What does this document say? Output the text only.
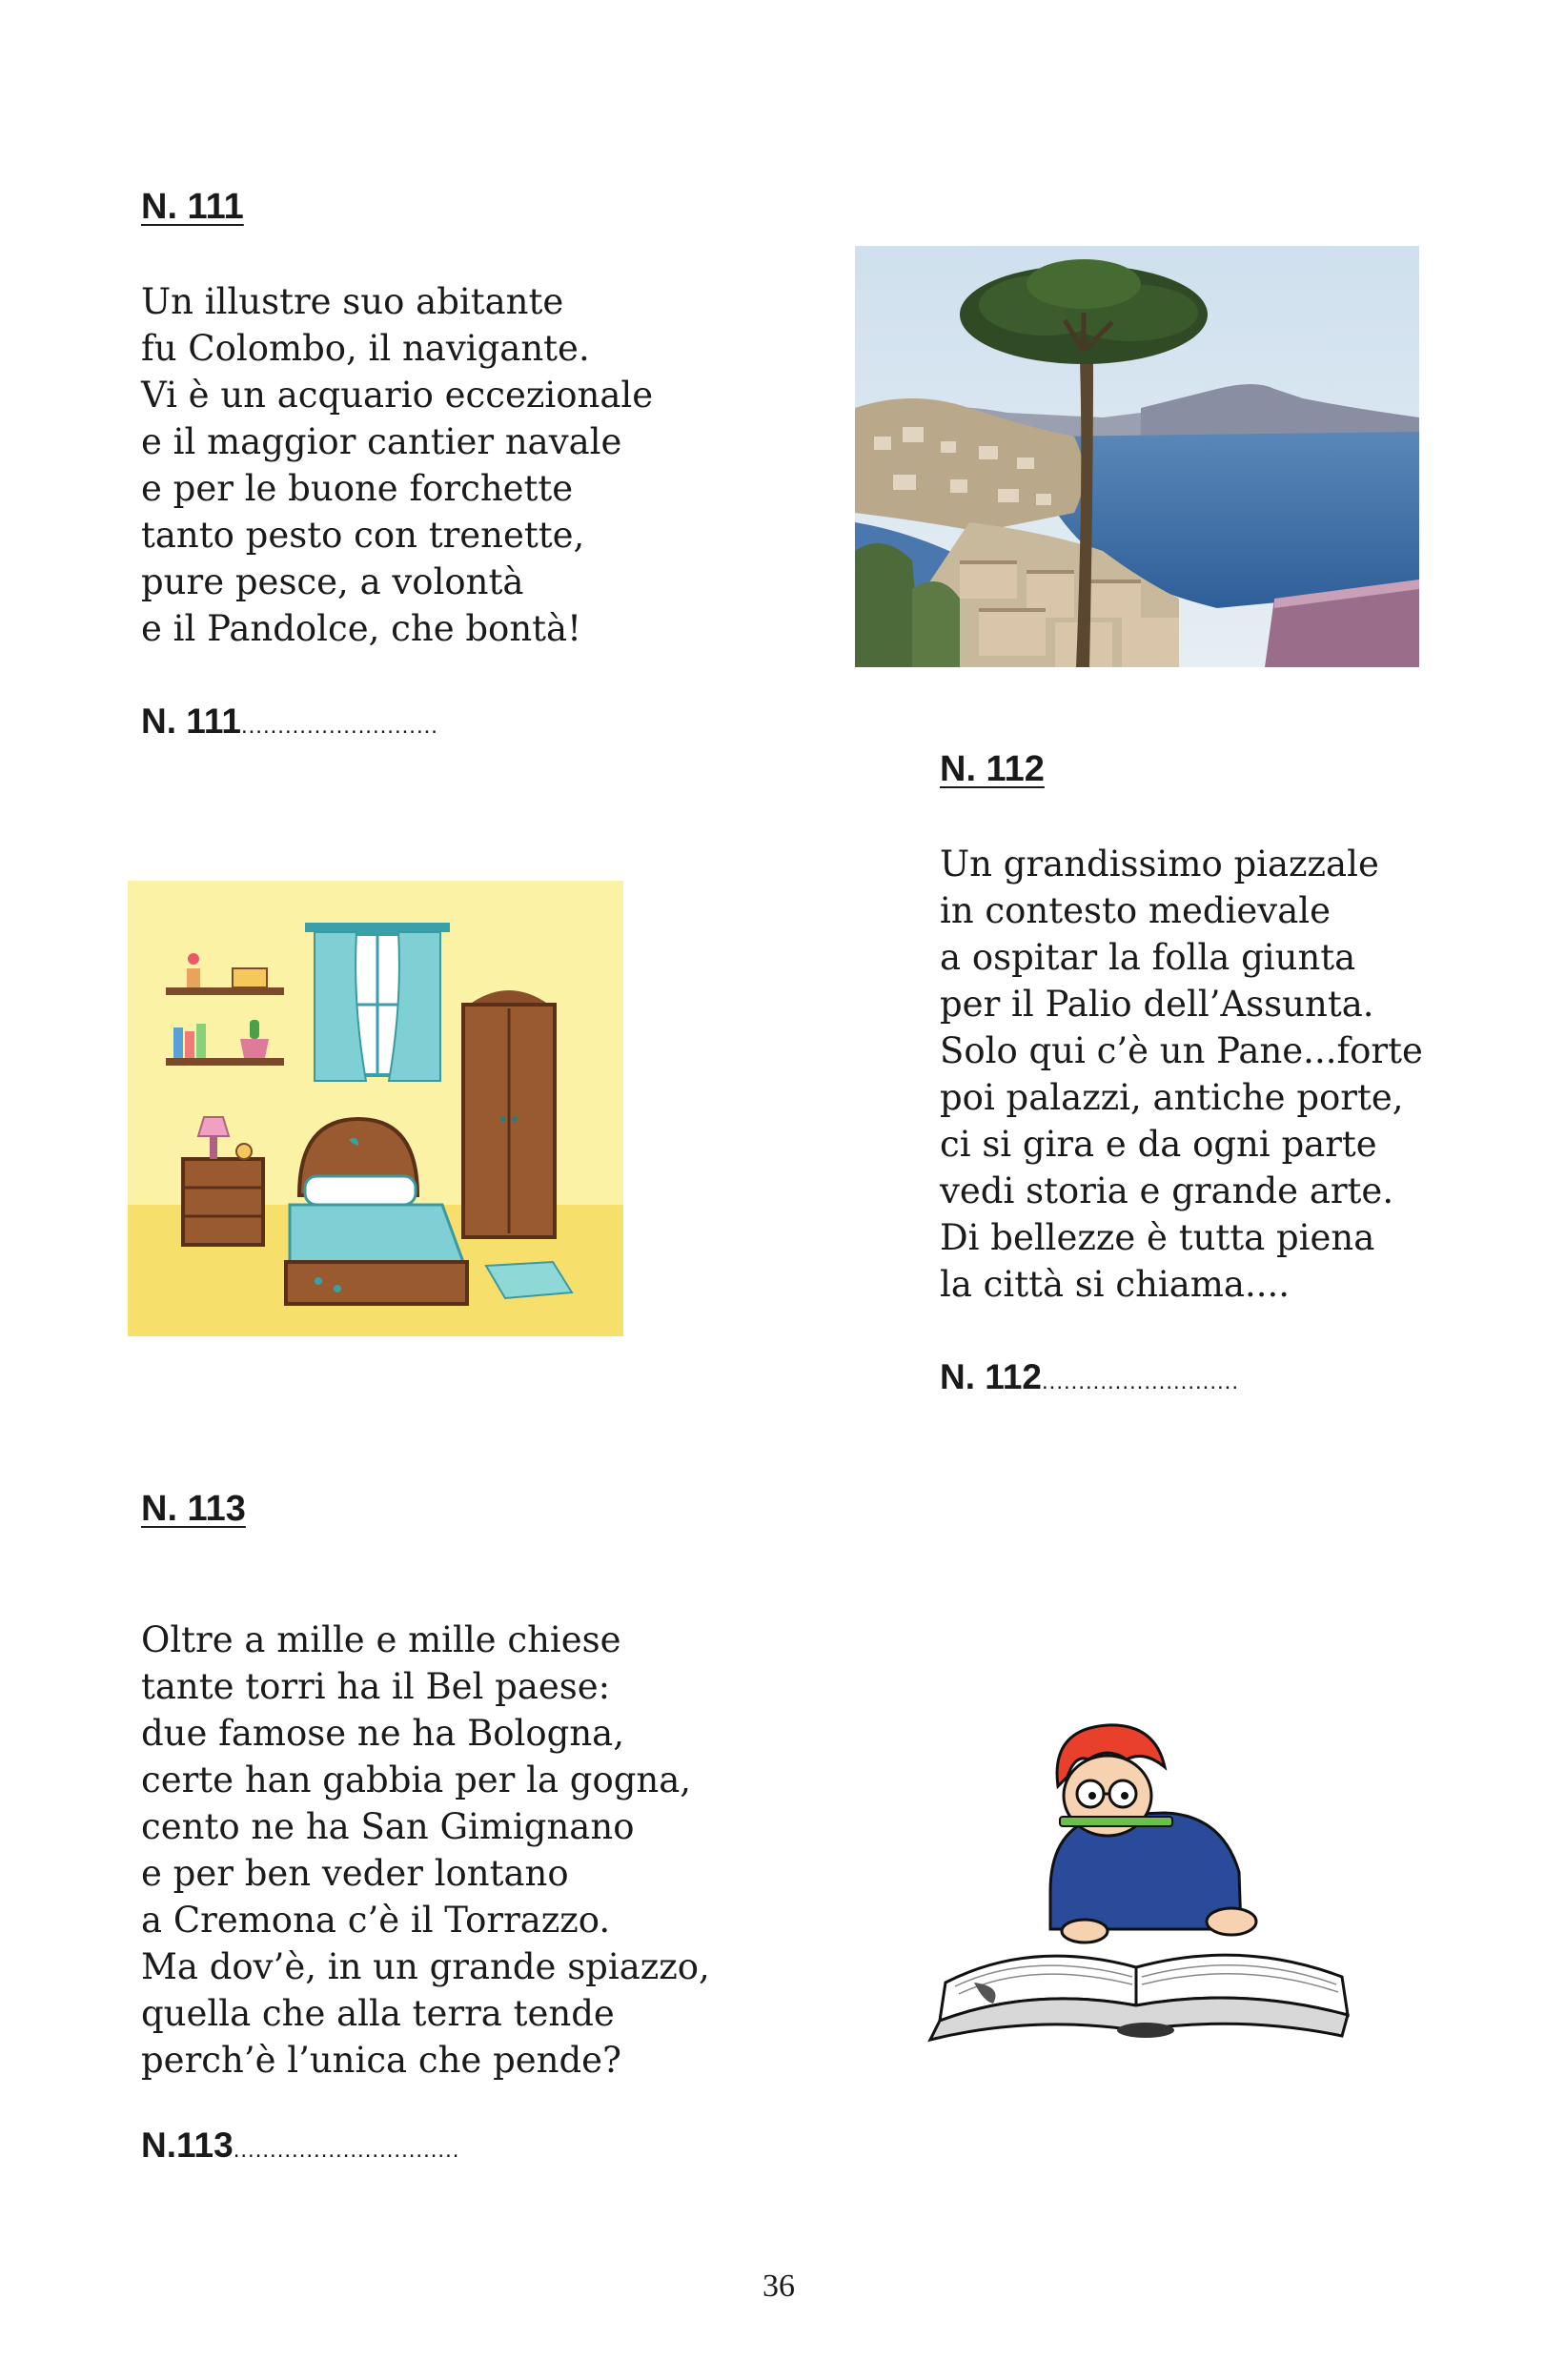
N. 111
Un illustre suo abitante
fu Colombo, il navigante.
Vi è un acquario eccezionale
e il maggior cantier navale
e per le buone forchette
tanto pesto con trenette,
pure pesce, a volontà
e il Pandolce, che bontà!
N. 111...........................
N. 112
Un grandissimo piazzale
in contesto medievale
a ospitar la folla giunta
per il Palio dell’Assunta.
Solo qui c’è un Pane...forte
poi palazzi, antiche porte,
ci si gira e da ogni parte
vedi storia e grande arte.
Di bellezze è tutta piena
la città si chiama....
N. 112...........................
N. 113
Oltre a mille e mille chiese
tante torri ha il Bel paese:
due famose ne ha Bologna,
certe han gabbia per la gogna,
cento ne ha San Gimignano
e per ben veder lontano
a Cremona c’è il Torrazzo.
Ma dov’è, in un grande spiazzo,
quella che alla terra tende
perch’è l’unica che pende?
N.113...............................
36
